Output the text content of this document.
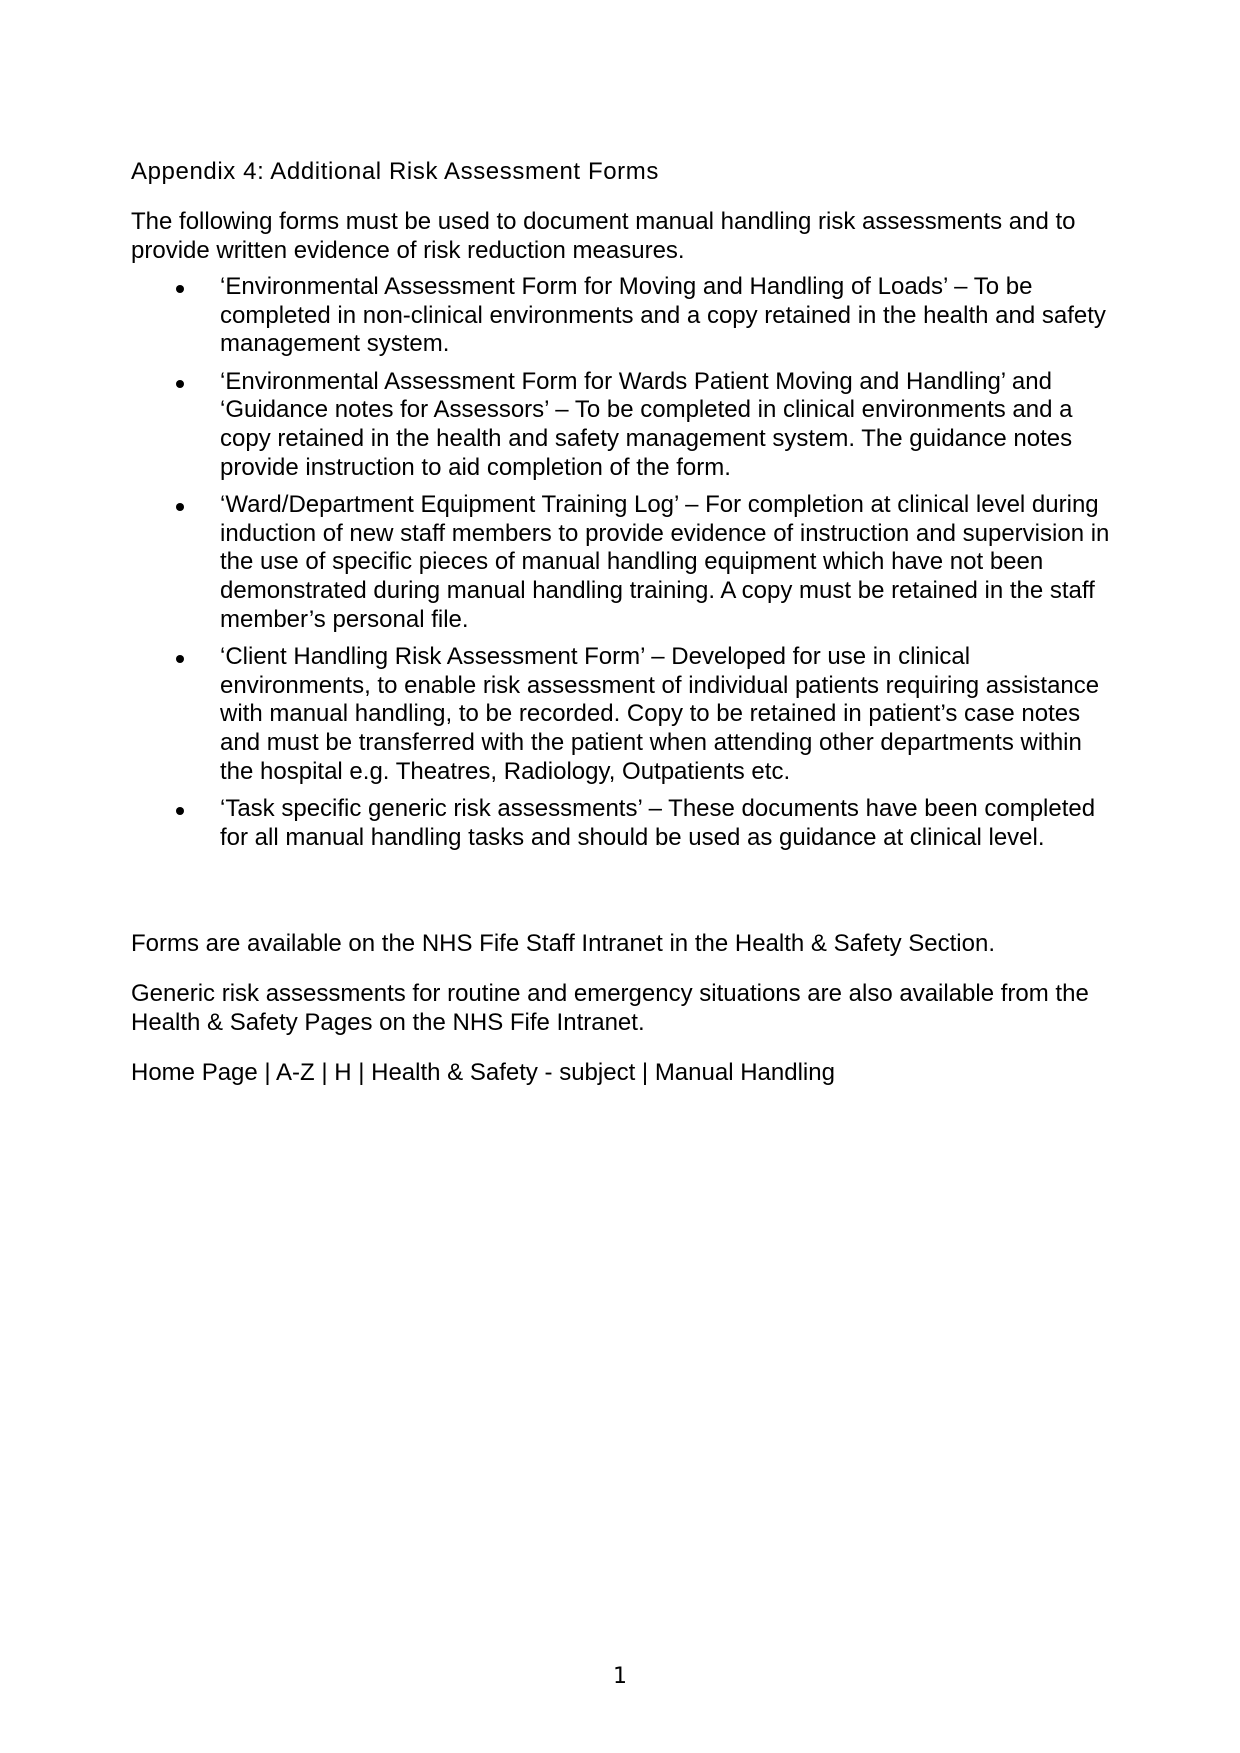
Appendix 4: Additional Risk Assessment Forms

The following forms must be used to document manual handling risk assessments and to provide written evidence of risk reduction measures.

‘Environmental Assessment Form for Moving and Handling of Loads’ – To be completed in non-clinical environments and a copy retained in the health and safety management system.
‘Environmental Assessment Form for Wards Patient Moving and Handling’ and ‘Guidance notes for Assessors’ – To be completed in clinical environments and a copy retained in the health and safety management system. The guidance notes provide instruction to aid completion of the form.
‘Ward/Department Equipment Training Log’ – For completion at clinical level during induction of new staff members to provide evidence of instruction and supervision in the use of specific pieces of manual handling equipment which have not been demonstrated during manual handling training. A copy must be retained in the staff member’s personal file.
‘Client Handling Risk Assessment Form’ – Developed for use in clinical environments, to enable risk assessment of individual patients requiring assistance with manual handling, to be recorded. Copy to be retained in patient’s case notes and must be transferred with the patient when attending other departments within the hospital e.g. Theatres, Radiology, Outpatients etc.
‘Task specific generic risk assessments’ – These documents have been completed for all manual handling tasks and should be used as guidance at clinical level.

Forms are available on the NHS Fife Staff Intranet in the Health & Safety Section.

Generic risk assessments for routine and emergency situations are also available from the Health & Safety Pages on the NHS Fife Intranet.

Home Page | A-Z | H | Health & Safety - subject | Manual Handling

1
